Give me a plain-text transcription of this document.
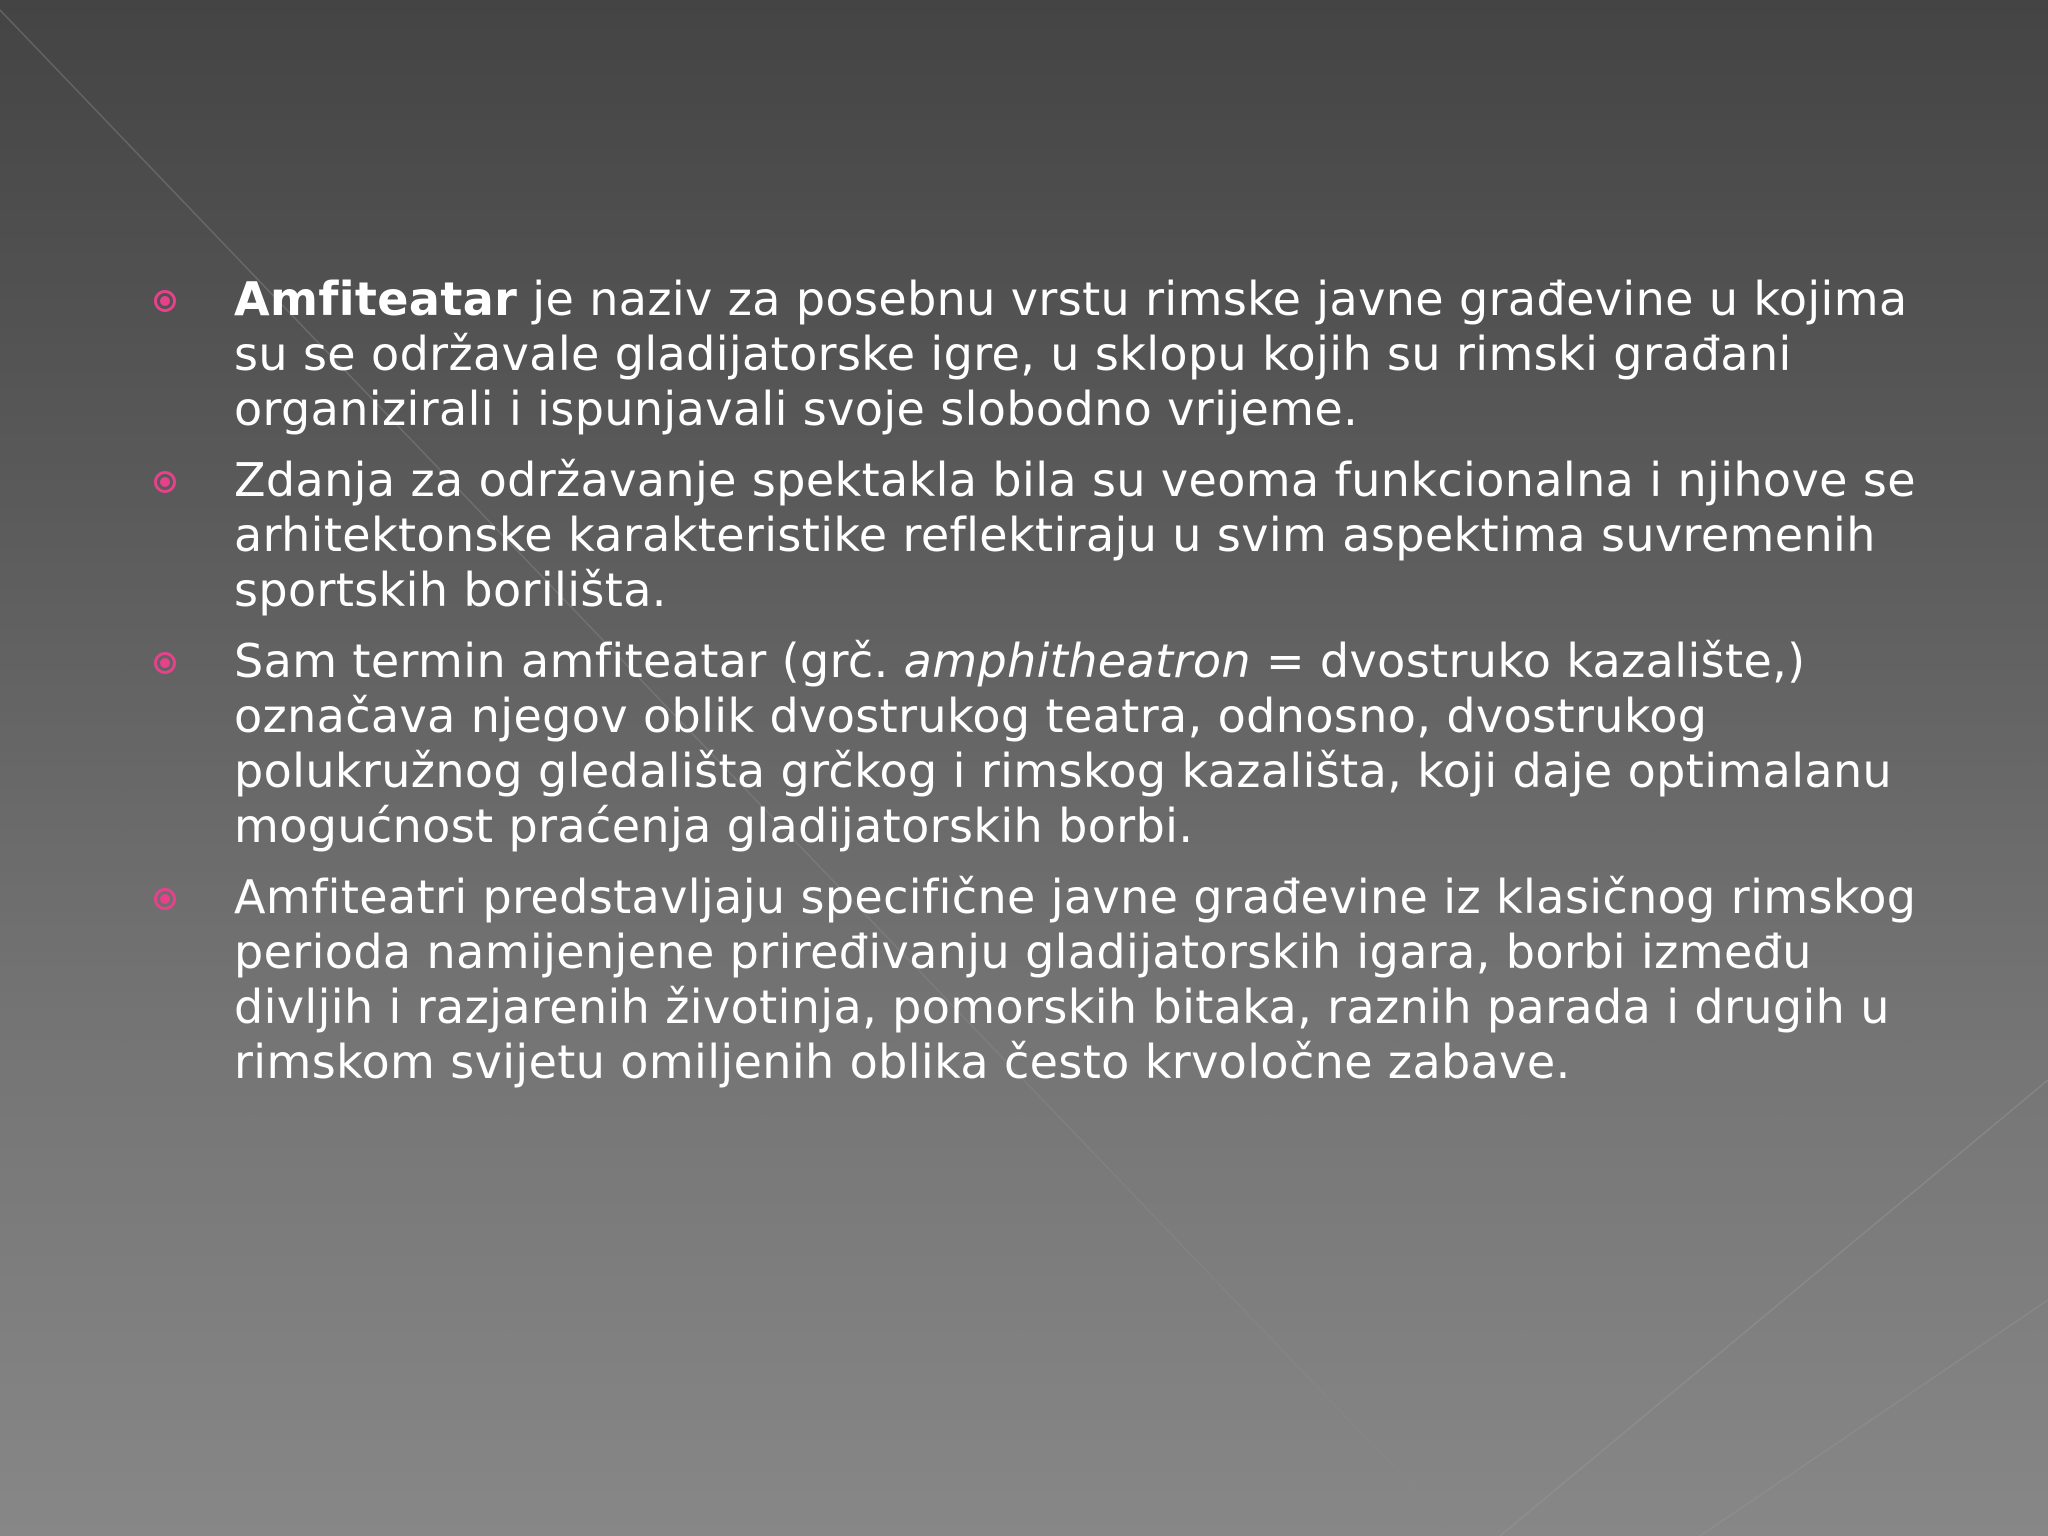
Amfiteatar je naziv za posebnu vrstu rimske javne građevine u kojima su se održavale gladijatorske igre, u sklopu kojih su rimski građani organizirali i ispunjavali svoje slobodno vrijeme.
Zdanja za održavanje spektakla bila su veoma funkcionalna i njihove se arhitektonske karakteristike reflektiraju u svim aspektima suvremenih sportskih borilišta.
Sam termin amfiteatar (grč. amphitheatron = dvostruko kazalište,) označava njegov oblik dvostrukog teatra, odnosno, dvostrukog polukružnog gledališta grčkog i rimskog kazališta, koji daje optimalanu mogućnost praćenja gladijatorskih borbi.
Amfiteatri predstavljaju specifične javne građevine iz klasičnog rimskog perioda namijenjene priređivanju gladijatorskih igara, borbi između divljih i razjarenih životinja, pomorskih bitaka, raznih parada i drugih u rimskom svijetu omiljenih oblika često krvoločne zabave.
